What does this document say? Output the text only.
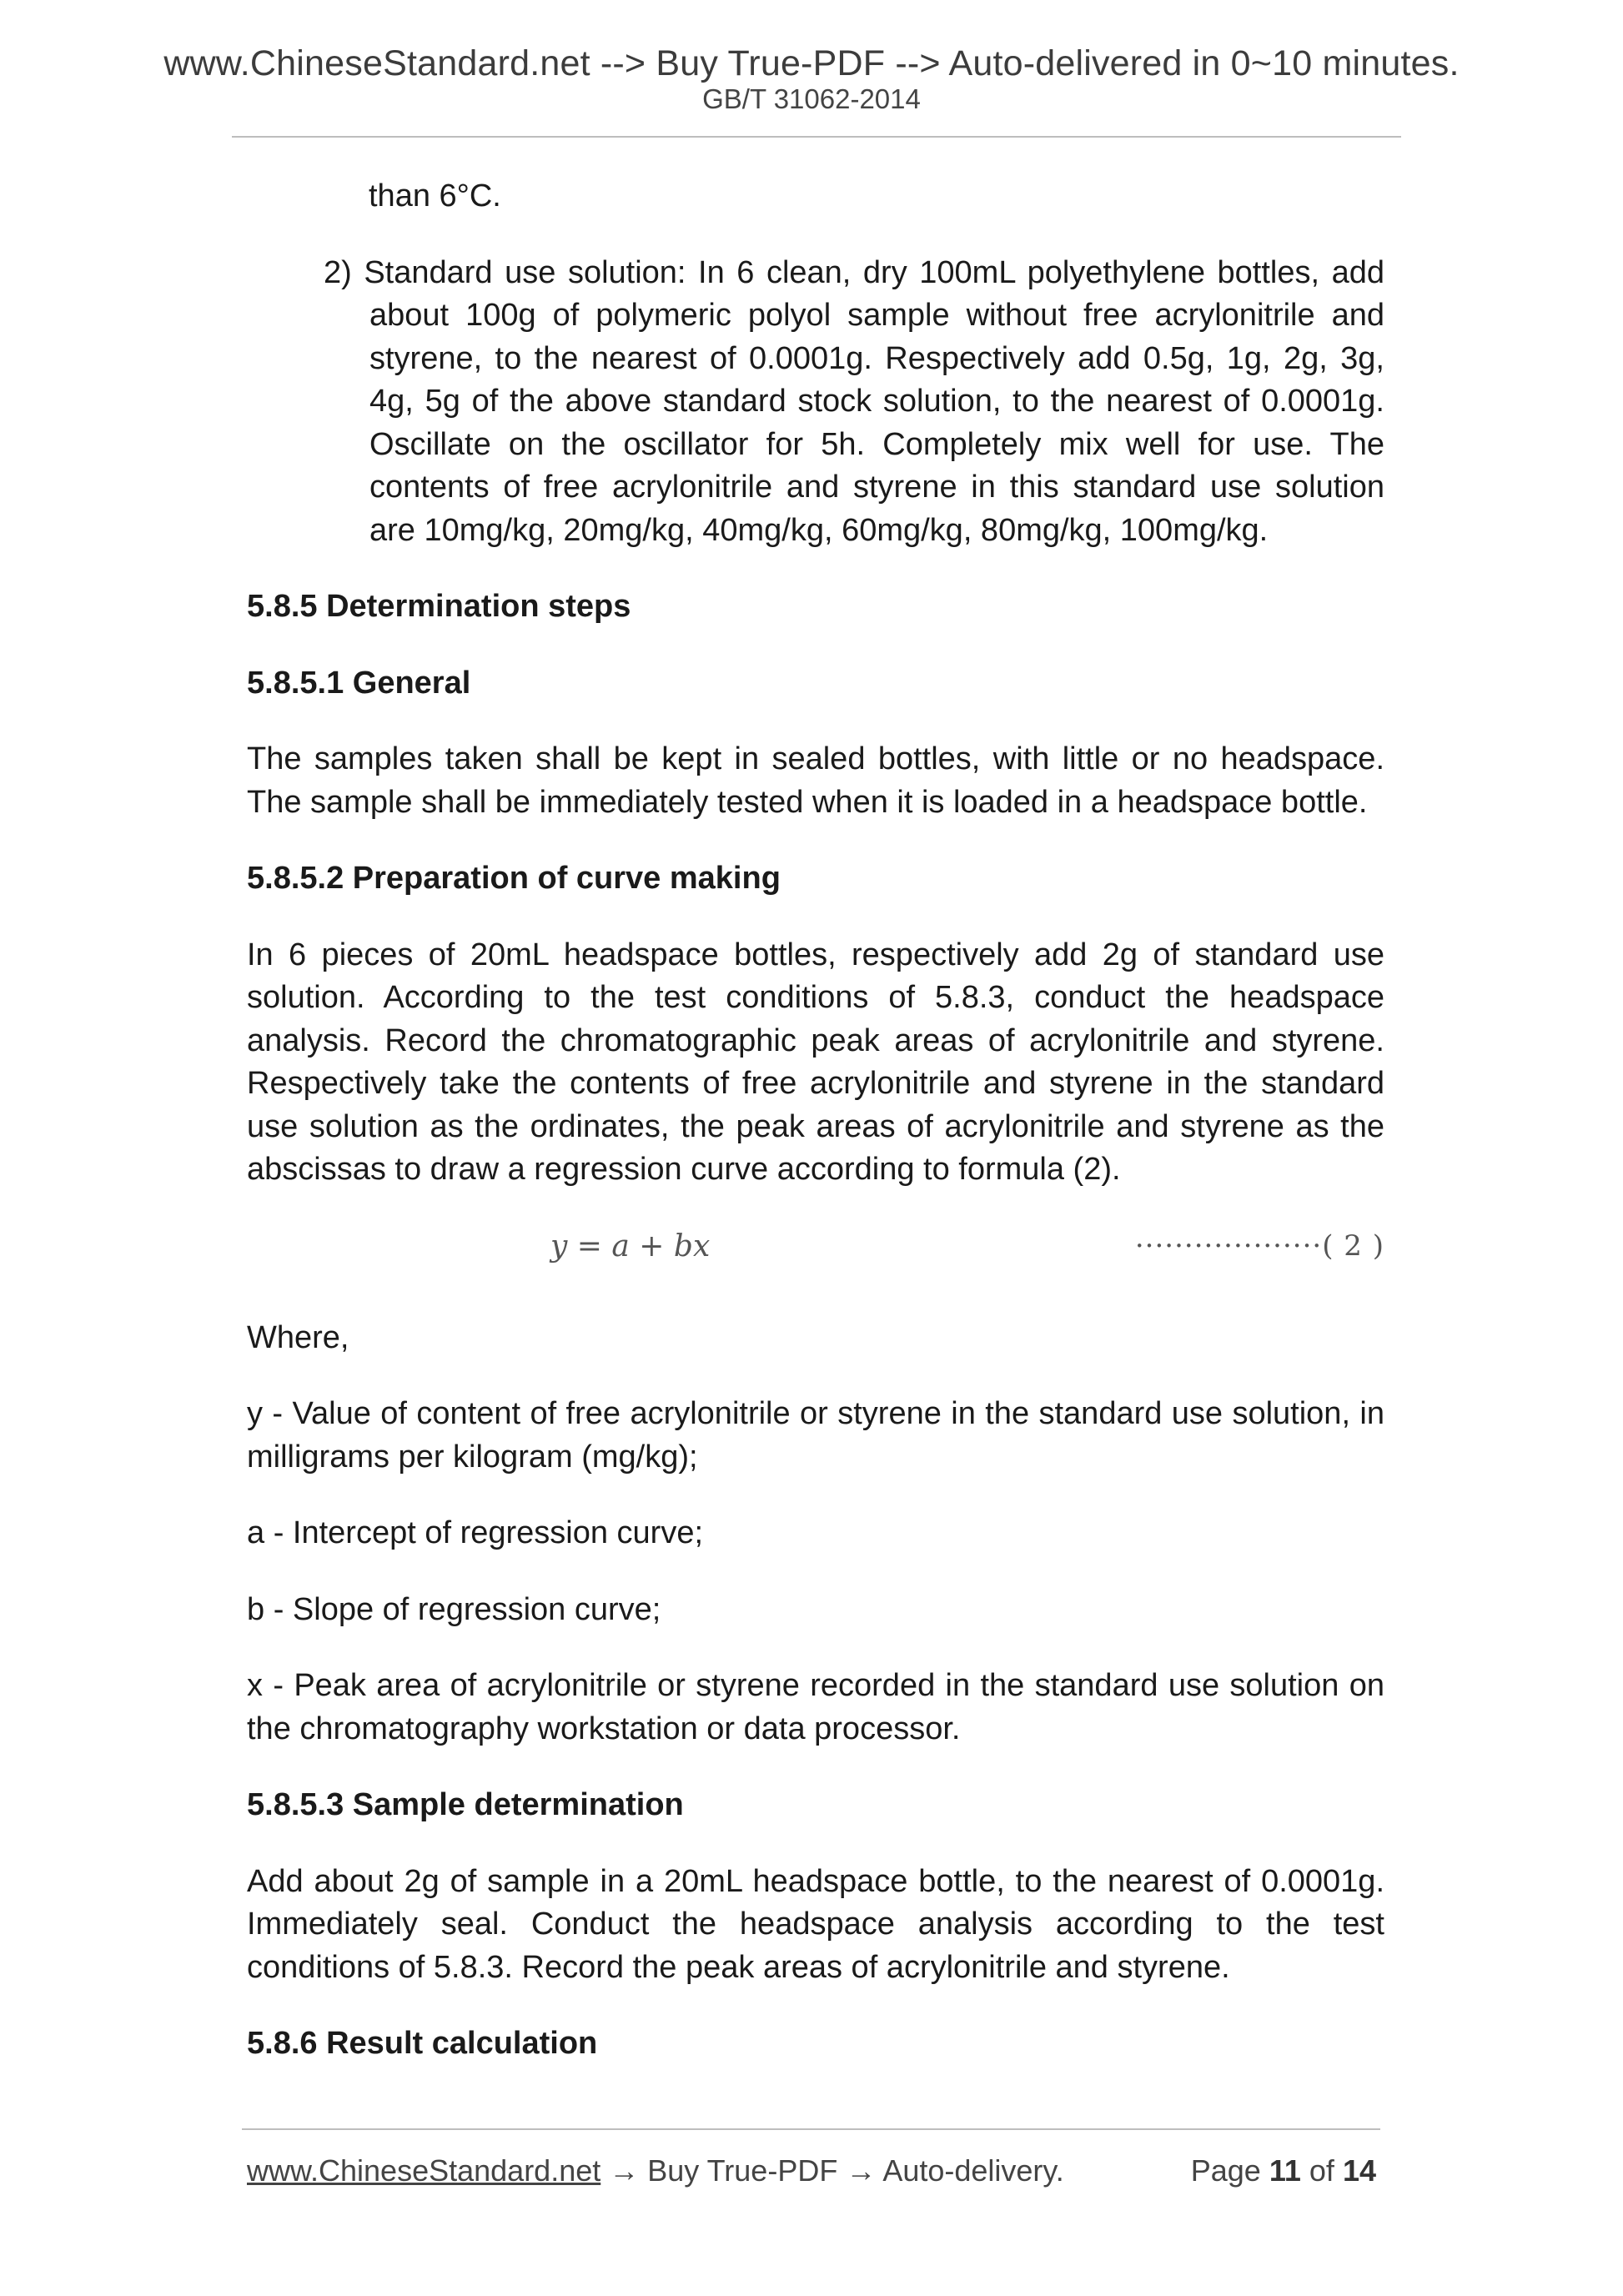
www.ChineseStandard.net --> Buy True-PDF --> Auto-delivered in 0~10 minutes.
GB/T 31062-2014

than 6°C.

2) Standard use solution: In 6 clean, dry 100mL polyethylene bottles, add about 100g of polymeric polyol sample without free acrylonitrile and styrene, to the nearest of 0.0001g. Respectively add 0.5g, 1g, 2g, 3g, 4g, 5g of the above standard stock solution, to the nearest of 0.0001g. Oscillate on the oscillator for 5h. Completely mix well for use. The contents of free acrylonitrile and styrene in this standard use solution are 10mg/kg, 20mg/kg, 40mg/kg, 60mg/kg, 80mg/kg, 100mg/kg.

5.8.5 Determination steps

5.8.5.1 General

The samples taken shall be kept in sealed bottles, with little or no headspace. The sample shall be immediately tested when it is loaded in a headspace bottle.

5.8.5.2 Preparation of curve making

In 6 pieces of 20mL headspace bottles, respectively add 2g of standard use solution. According to the test conditions of 5.8.3, conduct the headspace analysis. Record the chromatographic peak areas of acrylonitrile and styrene. Respectively take the contents of free acrylonitrile and styrene in the standard use solution as the ordinates, the peak areas of acrylonitrile and styrene as the abscissas to draw a regression curve according to formula (2).

y = a + bx	···················( 2 )

Where,

y - Value of content of free acrylonitrile or styrene in the standard use solution, in milligrams per kilogram (mg/kg);

a - Intercept of regression curve;

b - Slope of regression curve;

x - Peak area of acrylonitrile or styrene recorded in the standard use solution on the chromatography workstation or data processor.

5.8.5.3 Sample determination

Add about 2g of sample in a 20mL headspace bottle, to the nearest of 0.0001g. Immediately seal. Conduct the headspace analysis according to the test conditions of 5.8.3. Record the peak areas of acrylonitrile and styrene.

5.8.6 Result calculation

www.ChineseStandard.net → Buy True-PDF → Auto-delivery.	Page 11 of 14
